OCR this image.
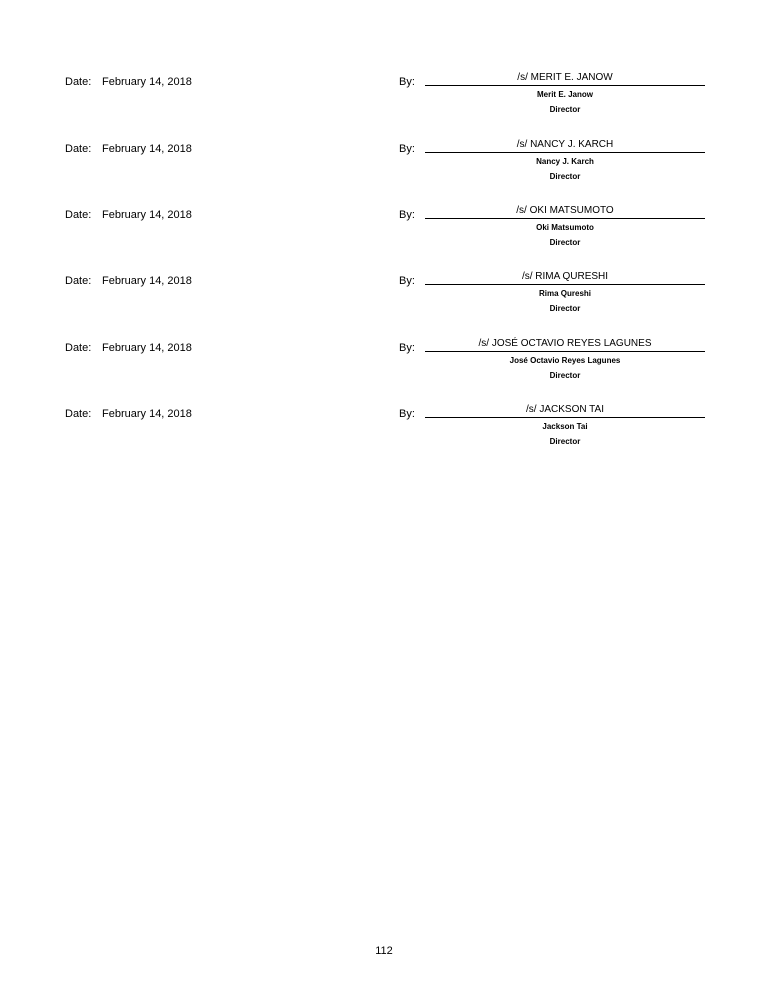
Date: February 14, 2018	By:	/s/ MERIT E. JANOW
Merit E. Janow
Director
Date: February 14, 2018	By:	/s/ NANCY J. KARCH
Nancy J. Karch
Director
Date: February 14, 2018	By:	/s/ OKI MATSUMOTO
Oki Matsumoto
Director
Date: February 14, 2018	By:	/s/ RIMA QURESHI
Rima Qureshi
Director
Date: February 14, 2018	By:	/s/ JOSÉ OCTAVIO REYES LAGUNES
José Octavio Reyes Lagunes
Director
Date: February 14, 2018	By:	/s/ JACKSON TAI
Jackson Tai
Director
112
